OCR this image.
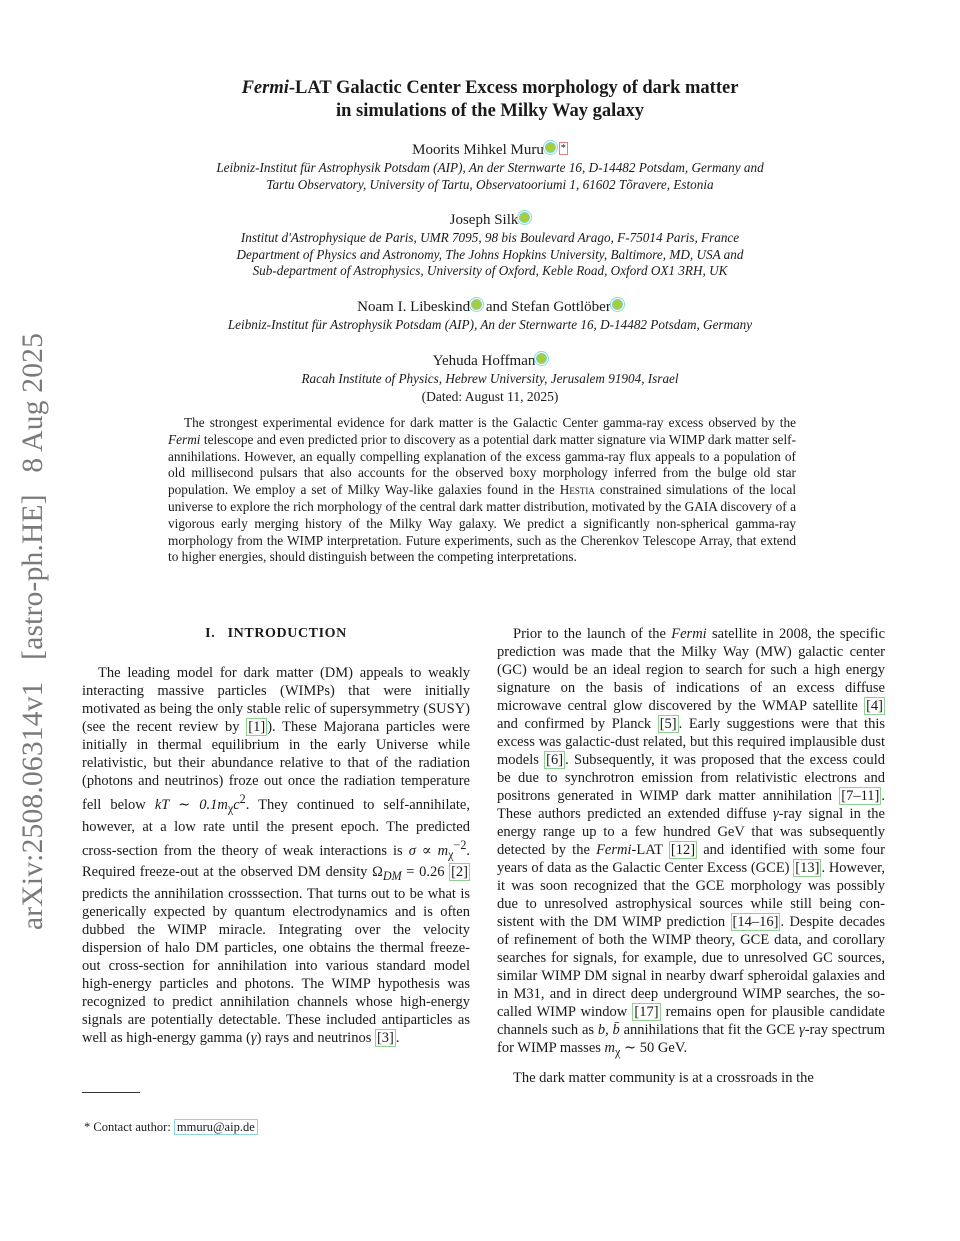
arXiv:2508.06314v1 [astro-ph.HE] 8 Aug 2025
Fermi-LAT Galactic Center Excess morphology of dark matter
in simulations of the Milky Way galaxy
Moorits Mihkel Muru *
Leibniz-Institut für Astrophysik Potsdam (AIP), An der Sternwarte 16, D-14482 Potsdam, Germany and
Tartu Observatory, University of Tartu, Observatooriumi 1, 61602 Tõravere, Estonia
Joseph Silk
Institut d'Astrophysique de Paris, UMR 7095, 98 bis Boulevard Arago, F-75014 Paris, France
Department of Physics and Astronomy, The Johns Hopkins University, Baltimore, MD, USA and
Sub-department of Astrophysics, University of Oxford, Keble Road, Oxford OX1 3RH, UK
Noam I. Libeskind and Stefan Gottlöber
Leibniz-Institut für Astrophysik Potsdam (AIP), An der Sternwarte 16, D-14482 Potsdam, Germany
Yehuda Hoffman
Racah Institute of Physics, Hebrew University, Jerusalem 91904, Israel
(Dated: August 11, 2025)
The strongest experimental evidence for dark matter is the Galactic Center gamma-ray excess observed by the Fermi telescope and even predicted prior to discovery as a potential dark matter signature via WIMP dark matter self-annihilations. However, an equally compelling explanation of the excess gamma-ray flux appeals to a population of old millisecond pulsars that also accounts for the observed boxy morphology inferred from the bulge old star population. We employ a set of Milky Way-like galaxies found in the Hestia constrained simulations of the local universe to explore the rich morphology of the central dark matter distribution, motivated by the GAIA discovery of a vigorous early merging history of the Milky Way galaxy. We predict a significantly non-spherical gamma-ray morphology from the WIMP interpretation. Future experiments, such as the Cherenkov Telescope Array, that extend to higher energies, should distinguish between the competing interpretations.
I. INTRODUCTION

The leading model for dark matter (DM) appeals to weakly interacting massive particles (WIMPs) that were initially motivated as being the only stable relic of supersymmetry (SUSY) (see the recent review by [1] ). These Majorana particles were initially in thermal equilibrium in the early Universe while relativistic, but their abundance relative to that of the radiation (photons and neutrinos) froze out once the radiation temperature fell below kT ∼ $0.1m_\chi c^2$. They continued to self-annihilate, however, at a low rate until the present epoch. The predicted cross-section from the theory of weak interactions is $\sigma \propto m_\chi^{-2}$. Required freeze-out at the observed DM density $\Omega_{DM} = 0.26$ [2] predicts the annihilation crosssection. That turns out to be what is generically expected by quantum electrodynamics and is often dubbed the WIMP miracle. Integrating over the velocity dispersion of halo DM particles, one obtains the thermal freeze-out cross-section for annihilation into various standard model high-energy particles and photons. The WIMP hypothesis was recognized to predict annihilation channels whose high-energy signals are potentially detectable. These included antiparticles as well as high-energy gamma (γ) rays and neutrinos [3] .

* Contact author: mmuru@aip.de

Prior to the launch of the Fermi satellite in 2008, the specific prediction was made that the Milky Way (MW) galactic center (GC) would be an ideal region to search for such a high energy signature on the basis of indications of an excess diffuse microwave central glow discovered by the WMAP satellite [4] and confirmed by Planck [5] . Early suggestions were that this excess was galactic-dust related, but this required implausible dust models [6] . Subsequently, it was proposed that the excess could be due to synchrotron emission from relativistic electrons and positrons generated in WIMP dark matter annihilation [7–11] . These authors predicted an extended diffuse γ-ray signal in the energy range up to a few hundred GeV that was subsequently detected by the Fermi-LAT [12] and identified with some four years of data as the Galactic Center Excess (GCE) [13] . However, it was soon recognized that the GCE morphology was possibly due to unresolved astrophysical sources while still being consistent with the DM WIMP prediction [14–16] . Despite decades of refinement of both the WIMP theory, GCE data, and corollary searches for signals, for example, due to unresolved GC sources, similar WIMP DM signal in nearby dwarf spheroidal galaxies and in M31, and in direct deep underground WIMP searches, the so-called WIMP window [17] remains open for plausible candidate channels such as b, b̄ annihilations that fit the GCE γ-ray spectrum for WIMP masses $m_\chi$ ∼ 50 GeV.

The dark matter community is at a crossroads in the
